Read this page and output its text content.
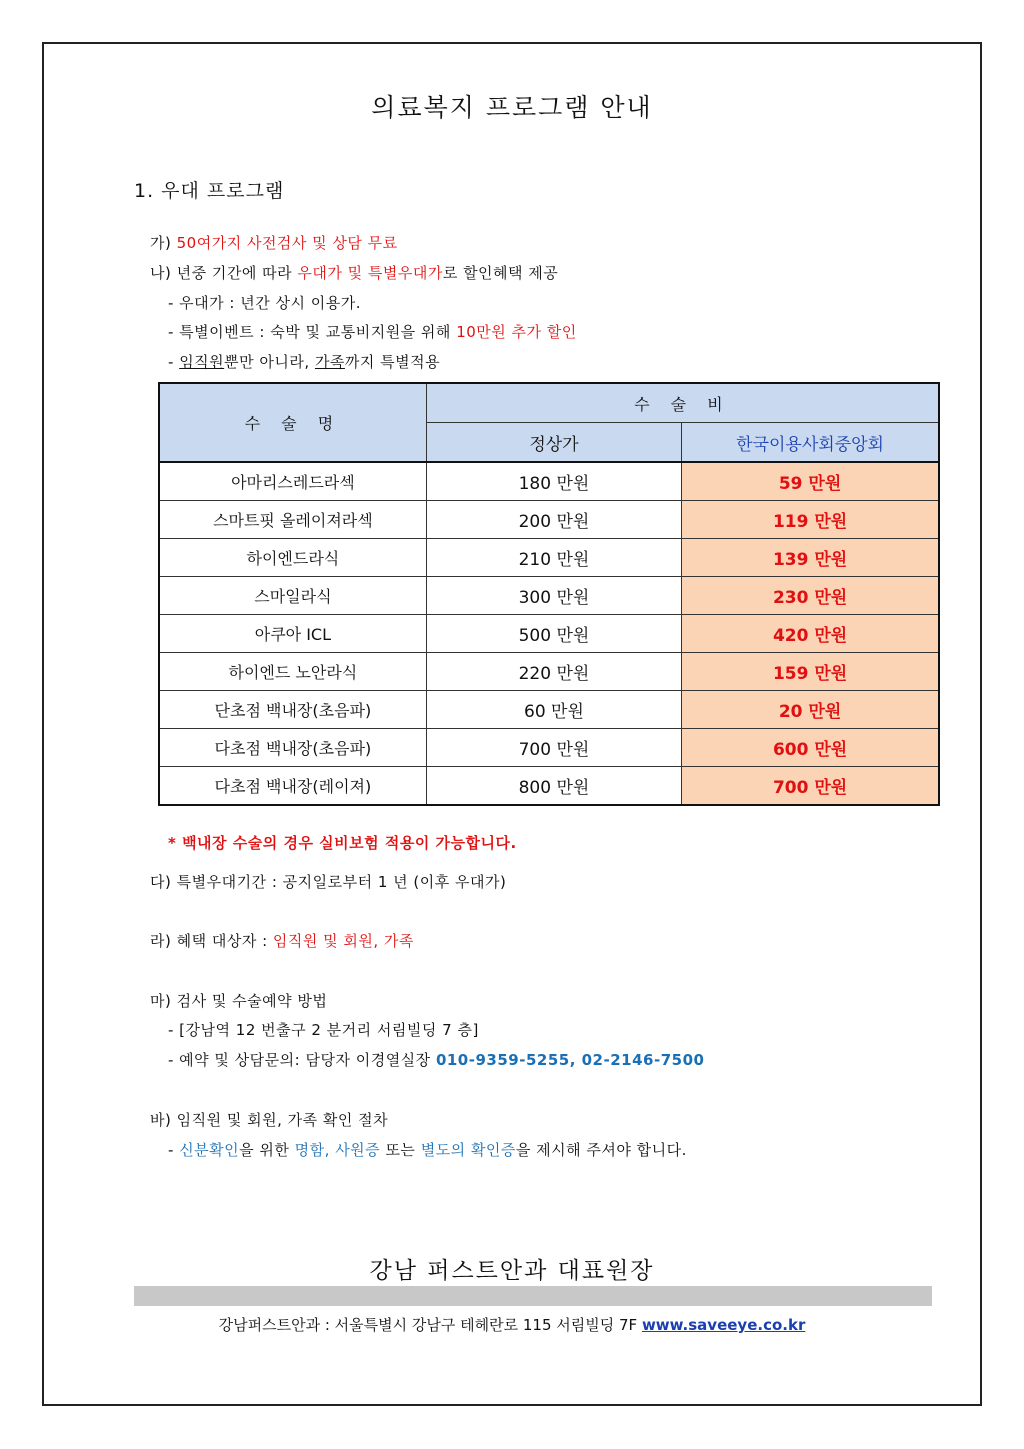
의료복지 프로그램 안내
1. 우대 프로그램
가) 50여가지 사전검사 및 상담 무료
나) 년중 기간에 따라 우대가 및 특별우대가로 할인혜택 제공
- 우대가 : 년간 상시 이용가.
- 특별이벤트 : 숙박 및 교통비지원을 위해 10만원 추가 할인
- 임직원뿐만 아니라, 가족까지 특별적용
수 술 명	수 술 비	
	정상가	한국이용사회중앙회
아마리스레드라섹	180 만원	59 만원
스마트핏 올레이져라섹	200 만원	119 만원
하이엔드라식	210 만원	139 만원
스마일라식	300 만원	230 만원
아쿠아 ICL	500 만원	420 만원
하이엔드 노안라식	220 만원	159 만원
단초점 백내장(초음파)	60 만원	20 만원
다초점 백내장(초음파)	700 만원	600 만원
다초점 백내장(레이져)	800 만원	700 만원
* 백내장 수술의 경우 실비보험 적용이 가능합니다.
다) 특별우대기간 : 공지일로부터 1 년 (이후 우대가)
라) 혜택 대상자 : 임직원 및 회원, 가족
마) 검사 및 수술예약 방법
- [강남역 12 번출구 2 분거리 서림빌딩 7 층]
- 예약 및 상담문의: 담당자 이경열실장 010-9359-5255, 02-2146-7500
바) 임직원 및 회원, 가족 확인 절차
- 신분확인을 위한 명함, 사원증 또는 별도의 확인증을 제시해 주셔야 합니다.
강남 퍼스트안과 대표원장
강남퍼스트안과 : 서울특별시 강남구 테헤란로 115 서림빌딩 7F www.saveeye.co.kr
